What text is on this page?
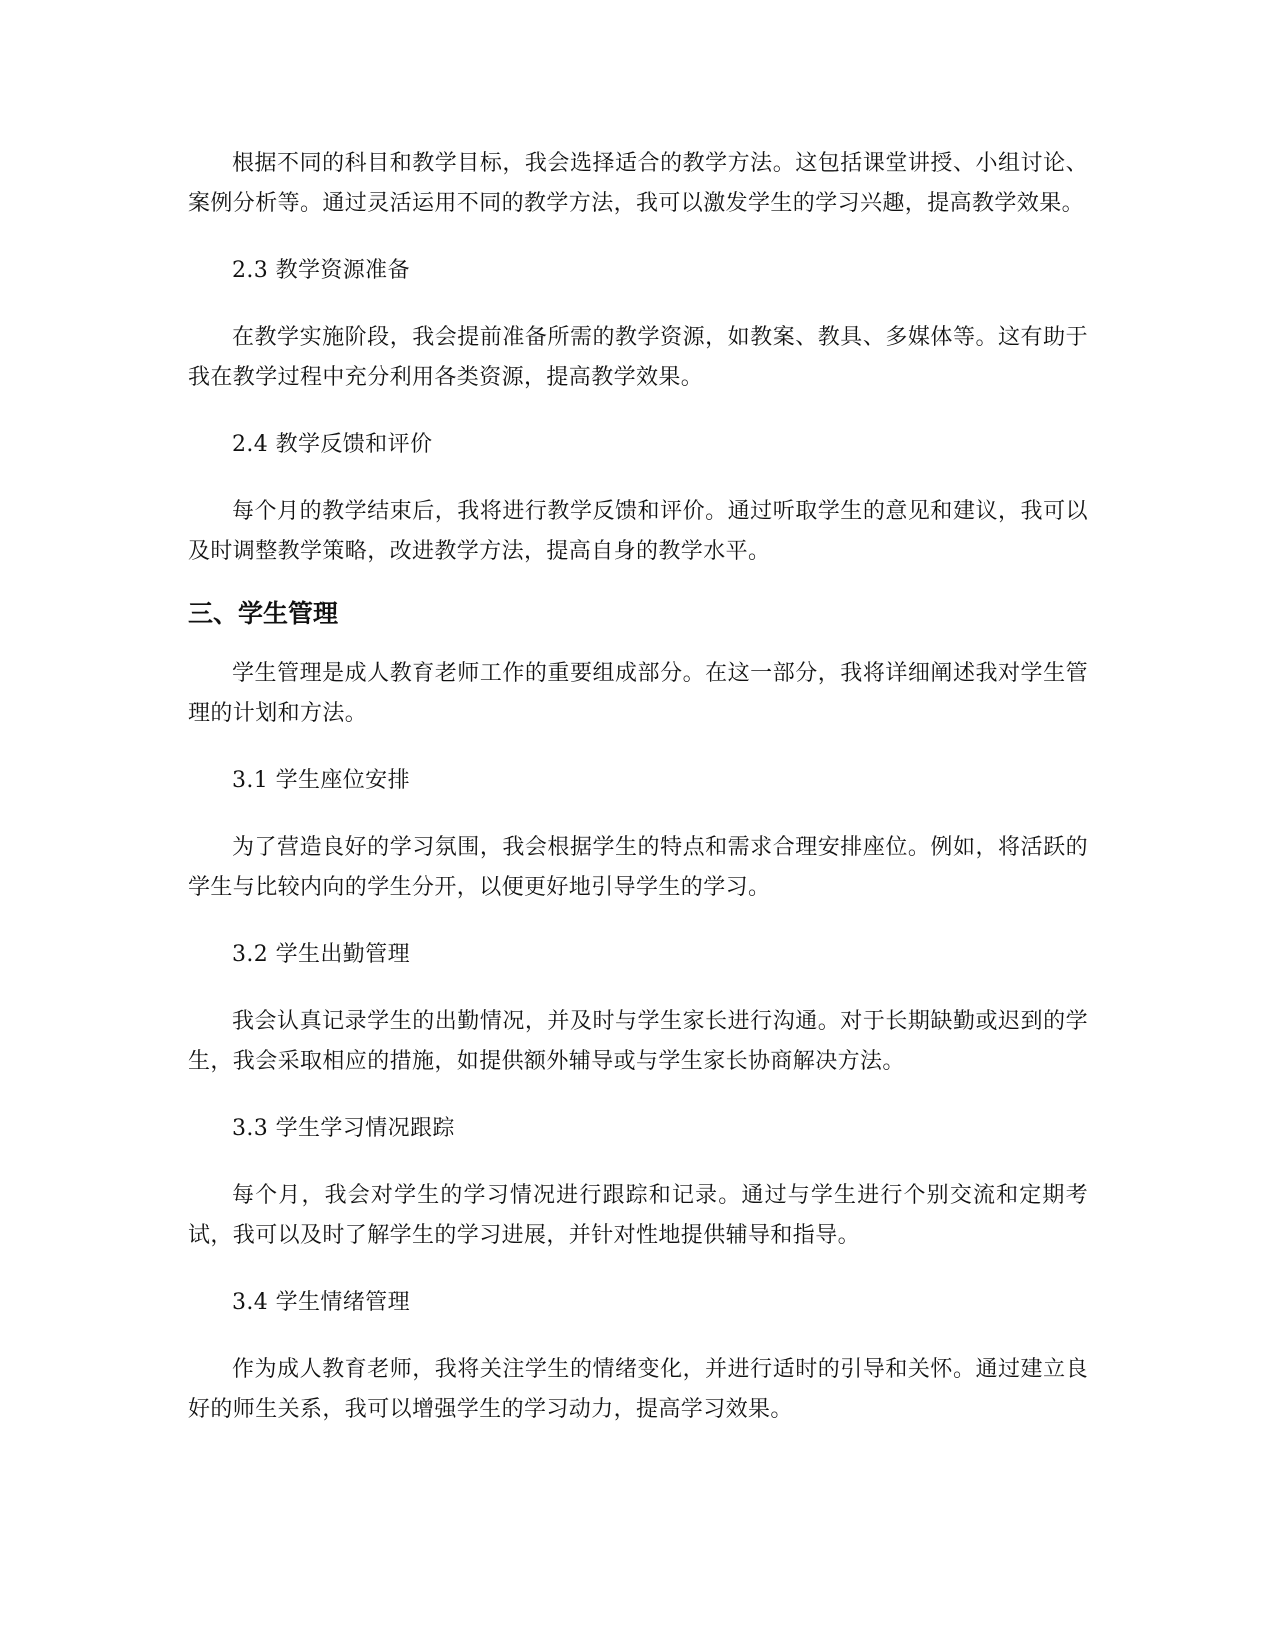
根据不同的科目和教学目标，我会选择适合的教学方法。这包括课堂讲授、小组讨论、案例分析等。通过灵活运用不同的教学方法，我可以激发学生的学习兴趣，提高教学效果。

2.3 教学资源准备

在教学实施阶段，我会提前准备所需的教学资源，如教案、教具、多媒体等。这有助于我在教学过程中充分利用各类资源，提高教学效果。

2.4 教学反馈和评价

每个月的教学结束后，我将进行教学反馈和评价。通过听取学生的意见和建议，我可以及时调整教学策略，改进教学方法，提高自身的教学水平。

三、学生管理

学生管理是成人教育老师工作的重要组成部分。在这一部分，我将详细阐述我对学生管理的计划和方法。

3.1 学生座位安排

为了营造良好的学习氛围，我会根据学生的特点和需求合理安排座位。例如，将活跃的学生与比较内向的学生分开，以便更好地引导学生的学习。

3.2 学生出勤管理

我会认真记录学生的出勤情况，并及时与学生家长进行沟通。对于长期缺勤或迟到的学生，我会采取相应的措施，如提供额外辅导或与学生家长协商解决方法。

3.3 学生学习情况跟踪

每个月，我会对学生的学习情况进行跟踪和记录。通过与学生进行个别交流和定期考试，我可以及时了解学生的学习进展，并针对性地提供辅导和指导。

3.4 学生情绪管理

作为成人教育老师，我将关注学生的情绪变化，并进行适时的引导和关怀。通过建立良好的师生关系，我可以增强学生的学习动力，提高学习效果。
